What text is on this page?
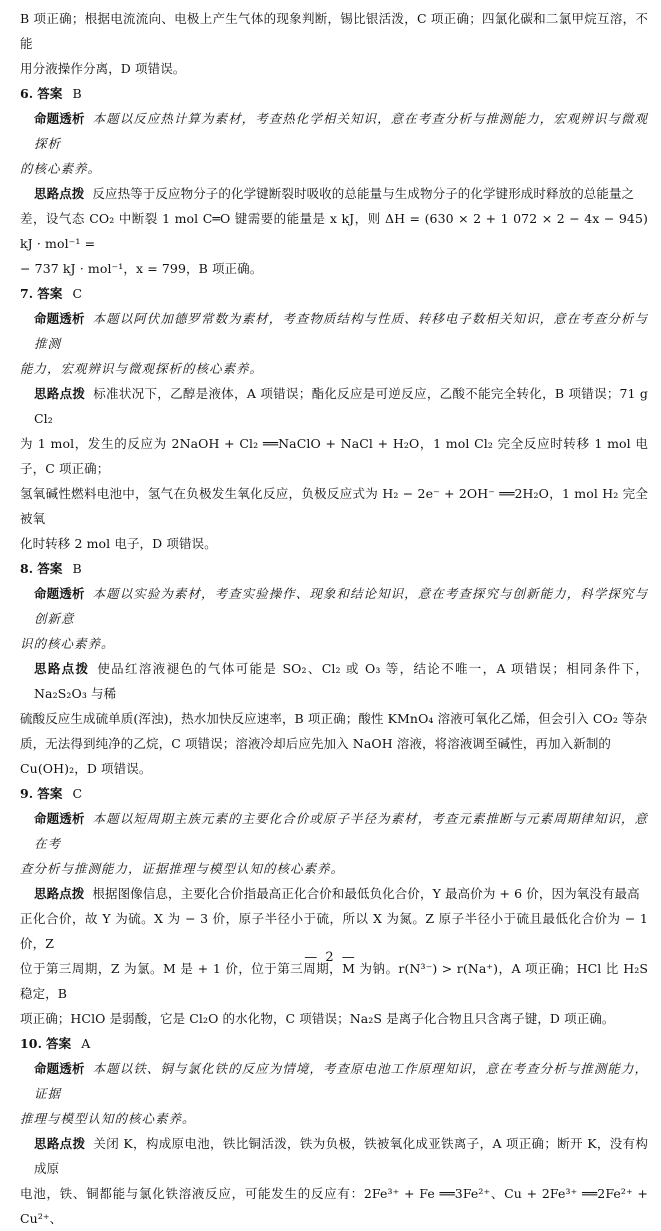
B 项正确；根据电流流向、电极上产生气体的现象判断，锡比银活泼，C 项正确；四氯化碳和二氯甲烷互溶，不能
用分液操作分离，D 项错误。
6. 答案 B
命题透析 本题以反应热计算为素材，考查热化学相关知识，意在考查分析与推测能力，宏观辨识与微观探析
的核心素养。
思路点拨 反应热等于反应物分子的化学键断裂时吸收的总能量与生成物分子的化学键形成时释放的总能量之
差，设气态 CO₂ 中断裂 1 mol C═O 键需要的能量是 x kJ，则 ΔH = (630 × 2 + 1 072 × 2 − 4x − 945) kJ · mol⁻¹ =
− 737 kJ · mol⁻¹，x = 799，B 项正确。
7. 答案 C
命题透析 本题以阿伏加德罗常数为素材，考查物质结构与性质、转移电子数相关知识，意在考查分析与推测
能力，宏观辨识与微观探析的核心素养。
思路点拨 标准状况下，乙醇是液体，A 项错误；酯化反应是可逆反应，乙酸不能完全转化，B 项错误；71 g Cl₂
为 1 mol，发生的反应为 2NaOH + Cl₂ ══NaClO + NaCl + H₂O，1 mol Cl₂ 完全反应时转移 1 mol 电子，C 项正确；
氢氧碱性燃料电池中，氢气在负极发生氧化反应，负极反应式为 H₂ − 2e⁻ + 2OH⁻ ══2H₂O，1 mol H₂ 完全被氧
化时转移 2 mol 电子，D 项错误。
8. 答案 B
命题透析 本题以实验为素材，考查实验操作、现象和结论知识，意在考查探究与创新能力，科学探究与创新意
识的核心素养。
思路点拨 使品红溶液褪色的气体可能是 SO₂、Cl₂ 或 O₃ 等，结论不唯一，A 项错误；相同条件下，Na₂S₂O₃ 与稀
硫酸反应生成硫单质(浑浊)，热水加快反应速率，B 项正确；酸性 KMnO₄ 溶液可氧化乙烯，但会引入 CO₂ 等杂
质，无法得到纯净的乙烷，C 项错误；溶液冷却后应先加入 NaOH 溶液，将溶液调至碱性，再加入新制的
Cu(OH)₂，D 项错误。
9. 答案 C
命题透析 本题以短周期主族元素的主要化合价或原子半径为素材，考查元素推断与元素周期律知识，意在考
查分析与推测能力，证据推理与模型认知的核心素养。
思路点拨 根据图像信息，主要化合价指最高正化合价和最低负化合价，Y 最高价为 + 6 价，因为氧没有最高
正化合价，故 Y 为硫。X 为 − 3 价，原子半径小于硫，所以 X 为氮。Z 原子半径小于硫且最低化合价为 − 1 价，Z
位于第三周期，Z 为氯。M 是 + 1 价，位于第三周期，M 为钠。r(N³⁻) > r(Na⁺)，A 项正确；HCl 比 H₂S 稳定，B
项正确；HClO 是弱酸，它是 Cl₂O 的水化物，C 项错误；Na₂S 是离子化合物且只含离子键，D 项正确。
10. 答案 A
命题透析 本题以铁、铜与氯化铁的反应为情境，考查原电池工作原理知识，意在考查分析与推测能力，证据
推理与模型认知的核心素养。
思路点拨 关闭 K，构成原电池，铁比铜活泼，铁为负极，铁被氧化成亚铁离子，A 项正确；断开 K，没有构成原
电池，铁、铜都能与氯化铁溶液反应，可能发生的反应有：2Fe³⁺ + Fe ══3Fe²⁺、Cu + 2Fe³⁺ ══2Fe²⁺ + Cu²⁺、
— 2 —
